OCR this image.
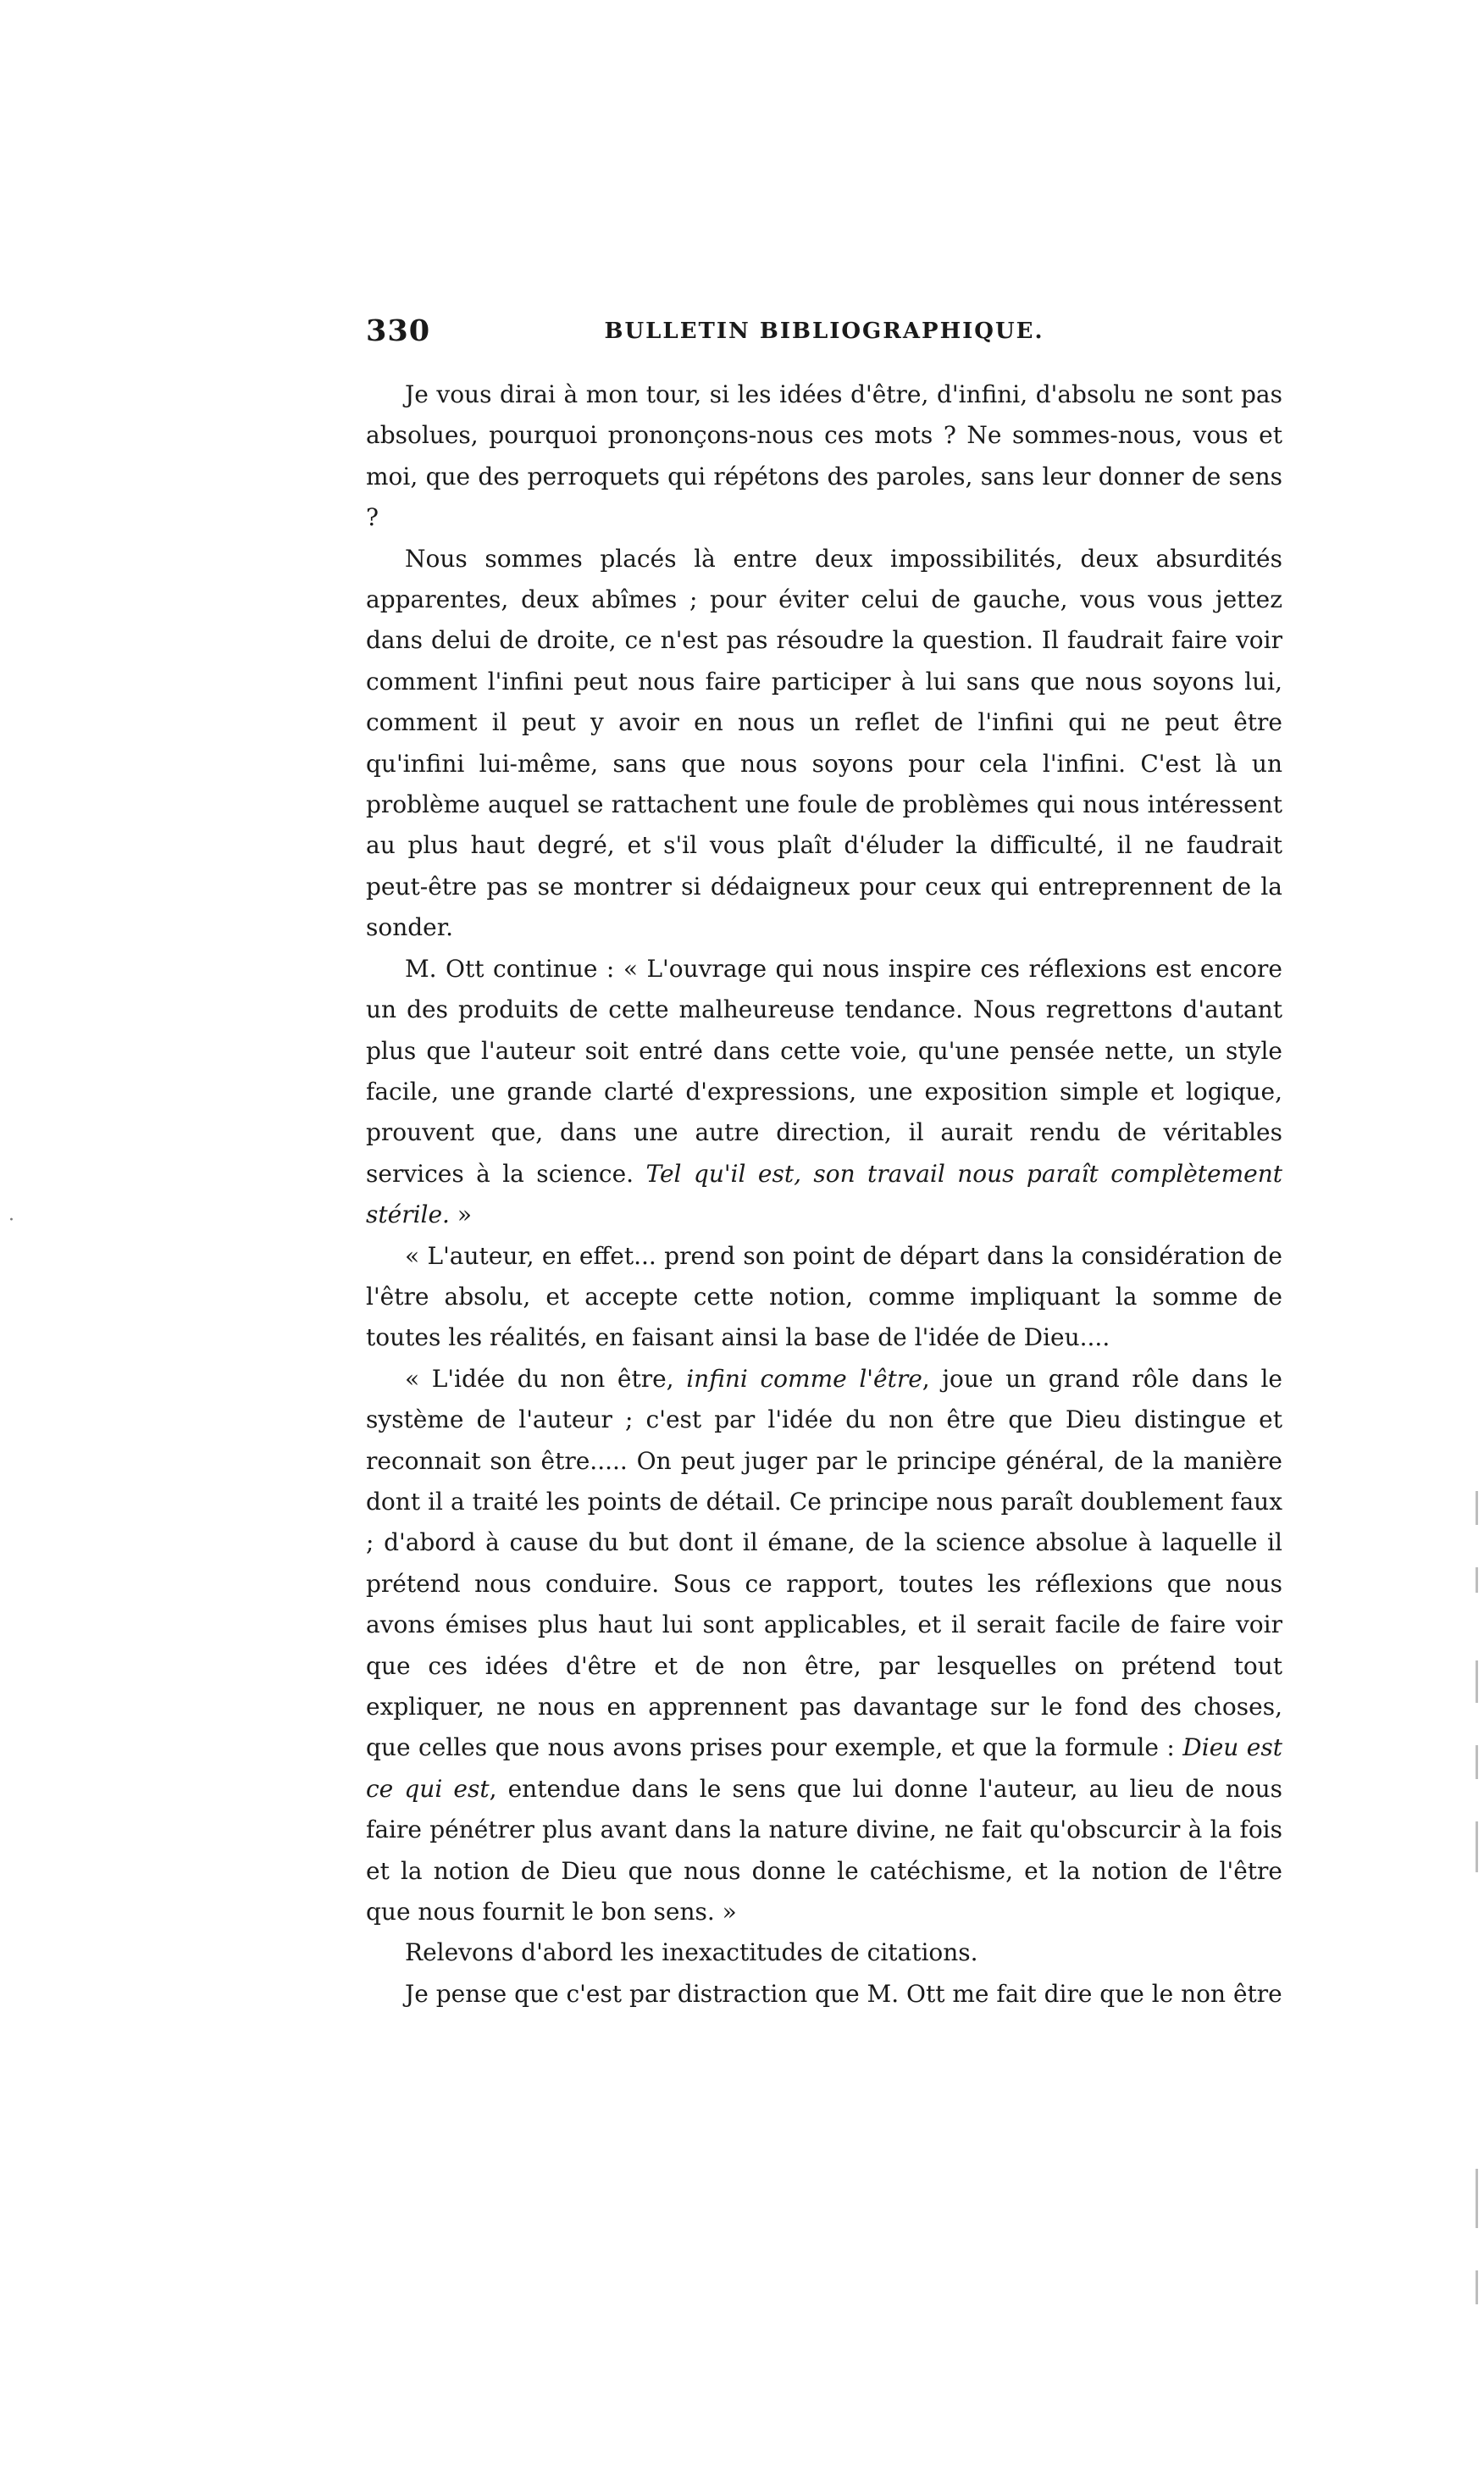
330	BULLETIN BIBLIOGRAPHIQUE.

Je vous dirai à mon tour, si les idées d'être, d'infini, d'absolu ne sont pas absolues, pourquoi prononçons-nous ces mots ? Ne sommes-nous, vous et moi, que des perroquets qui répétons des paroles, sans leur donner de sens ?

Nous sommes placés là entre deux impossibilités, deux absurdités apparentes, deux abîmes ; pour éviter celui de gauche, vous vous jettez dans delui de droite, ce n'est pas résoudre la question. Il faudrait faire voir comment l'infini peut nous faire participer à lui sans que nous soyons lui, comment il peut y avoir en nous un reflet de l'infini qui ne peut être qu'infini lui-même, sans que nous soyons pour cela l'infini. C'est là un problème auquel se rattachent une foule de problèmes qui nous intéressent au plus haut degré, et s'il vous plaît d'éluder la difficulté, il ne faudrait peut-être pas se montrer si dédaigneux pour ceux qui entreprennent de la sonder.

M. Ott continue : « L'ouvrage qui nous inspire ces réflexions est encore un des produits de cette malheureuse tendance. Nous regrettons d'autant plus que l'auteur soit entré dans cette voie, qu'une pensée nette, un style facile, une grande clarté d'expressions, une exposition simple et logique, prouvent que, dans une autre direction, il aurait rendu de véritables services à la science. Tel qu'il est, son travail nous paraît complètement stérile. »

« L'auteur, en effet... prend son point de départ dans la considération de l'être absolu, et accepte cette notion, comme impliquant la somme de toutes les réalités, en faisant ainsi la base de l'idée de Dieu....

« L'idée du non être, infini comme l'être, joue un grand rôle dans le système de l'auteur ; c'est par l'idée du non être que Dieu distingue et reconnait son être..... On peut juger par le principe général, de la manière dont il a traité les points de détail. Ce principe nous paraît doublement faux ; d'abord à cause du but dont il émane, de la science absolue à laquelle il prétend nous conduire. Sous ce rapport, toutes les réflexions que nous avons émises plus haut lui sont applicables, et il serait facile de faire voir que ces idées d'être et de non être, par lesquelles on prétend tout expliquer, ne nous en apprennent pas davantage sur le fond des choses, que celles que nous avons prises pour exemple, et que la formule : Dieu est ce qui est, entendue dans le sens que lui donne l'auteur, au lieu de nous faire pénétrer plus avant dans la nature divine, ne fait qu'obscurcir à la fois et la notion de Dieu que nous donne le catéchisme, et la notion de l'être que nous fournit le bon sens. »

Relevons d'abord les inexactitudes de citations.

Je pense que c'est par distraction que M. Ott me fait dire que le non être

·
